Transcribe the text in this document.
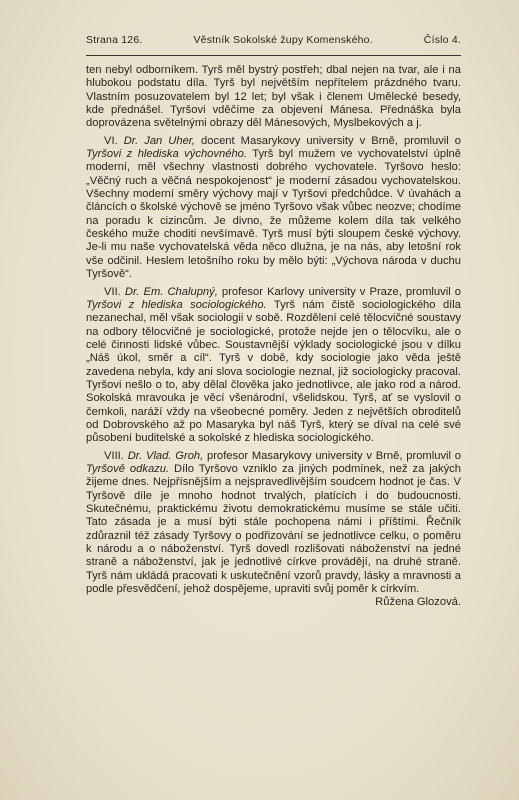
Strana 126.	Věstník Sokolské župy Komenského.	Číslo 4.

ten nebyl odborníkem. Tyrš měl bystrý postřeh; dbal nejen na tvar, ale i na hlubokou podstatu díla. Tyrš byl největším nepřítelem prázdného tvaru. Vlastním posuzovatelem byl 12 let; byl však i členem Umělecké besedy, kde přednášel. Tyršovi vděčíme za objevení Mánesa. Přednáška byla doprovázena světelnými obrazy děl Mánesových, Myslbekových a j.

VI. Dr. Jan Uher, docent Masarykovy university v Brně, promluvil o Tyršovi z hlediska výchovného. Tyrš byl mužem ve vychovatelství úplně moderní, měl všechny vlastnosti dobrého vychovatele. Tyršovo heslo: „Věčný ruch a věčná nespokojenost“ je moderní zásadou vychovatelskou. Všechny moderní směry výchovy mají v Tyršovi předchůdce. V úvahách a článcích o školské výchově se jméno Tyršovo však vůbec neozve; chodíme na poradu k cizincům. Je divno, že můžeme kolem díla tak velkého českého muže choditi nevšímavě. Tyrš musí býti sloupem české výchovy. Je-li mu naše vychovatelská věda něco dlužna, je na nás, aby letošní rok vše odčinil. Heslem letošního roku by mělo býti: „Výchova národa v duchu Tyršově“.

VII. Dr. Em. Chalupný, profesor Karlovy university v Praze, promluvil o Tyršovi z hlediska sociologického. Tyrš nám čistě sociologického díla nezanechal, měl však sociologii v sobě. Rozdělení celé tělocvičné soustavy na odbory tělocvičné je sociologické, protože nejde jen o tělocvíku, ale o celé činnosti lidské vůbec. Soustavnější výklady sociologické jsou v dílku „Náš úkol, směr a cíl“. Tyrš v době, kdy sociologie jako věda ještě zavedena nebyla, kdy ani slova sociologie neznal, již sociologicky pracoval. Tyršovi nešlo o to, aby dělal člověka jako jednotlivce, ale jako rod a národ. Sokolská mravouka je věcí všenárodní, všelidskou. Tyrš, ať se vyslovil o čemkoli, naráží vždy na všeobecné poměry. Jeden z největších obroditelů od Dobrovského až po Masaryka byl náš Tyrš, který se díval na celé své působení buditelské a sokolské z hlediska sociologického.

VIII. Dr. Vlad. Groh, profesor Masarykovy university v Brně, promluvil o Tyršově odkazu. Dílo Tyršovo vzniklo za jiných podmínek, než za jakých žijeme dnes. Nejpřísnějším a nejspravedlivějším soudcem hodnot je čas. V Tyršově díle je mnoho hodnot trvalých, platících i do budoucnosti. Skutečnému, praktickému životu demokratickému musíme se stále učiti. Tato zásada je a musí býti stále pochopena námi i příštími. Řečník zdůraznil též zásady Tyršovy o podřizování se jednotlivce celku, o poměru k národu a o náboženství. Tyrš dovedl rozlišovati náboženství na jedné straně a náboženství, jak je jednotlivé církve provádějí, na druhé straně. Tyrš nám ukládá pracovati k uskutečnění vzorů pravdy, lásky a mravnosti a podle přesvědčení, jehož dospějeme, upraviti svůj poměr k církvím.
Růžena Glozová.
